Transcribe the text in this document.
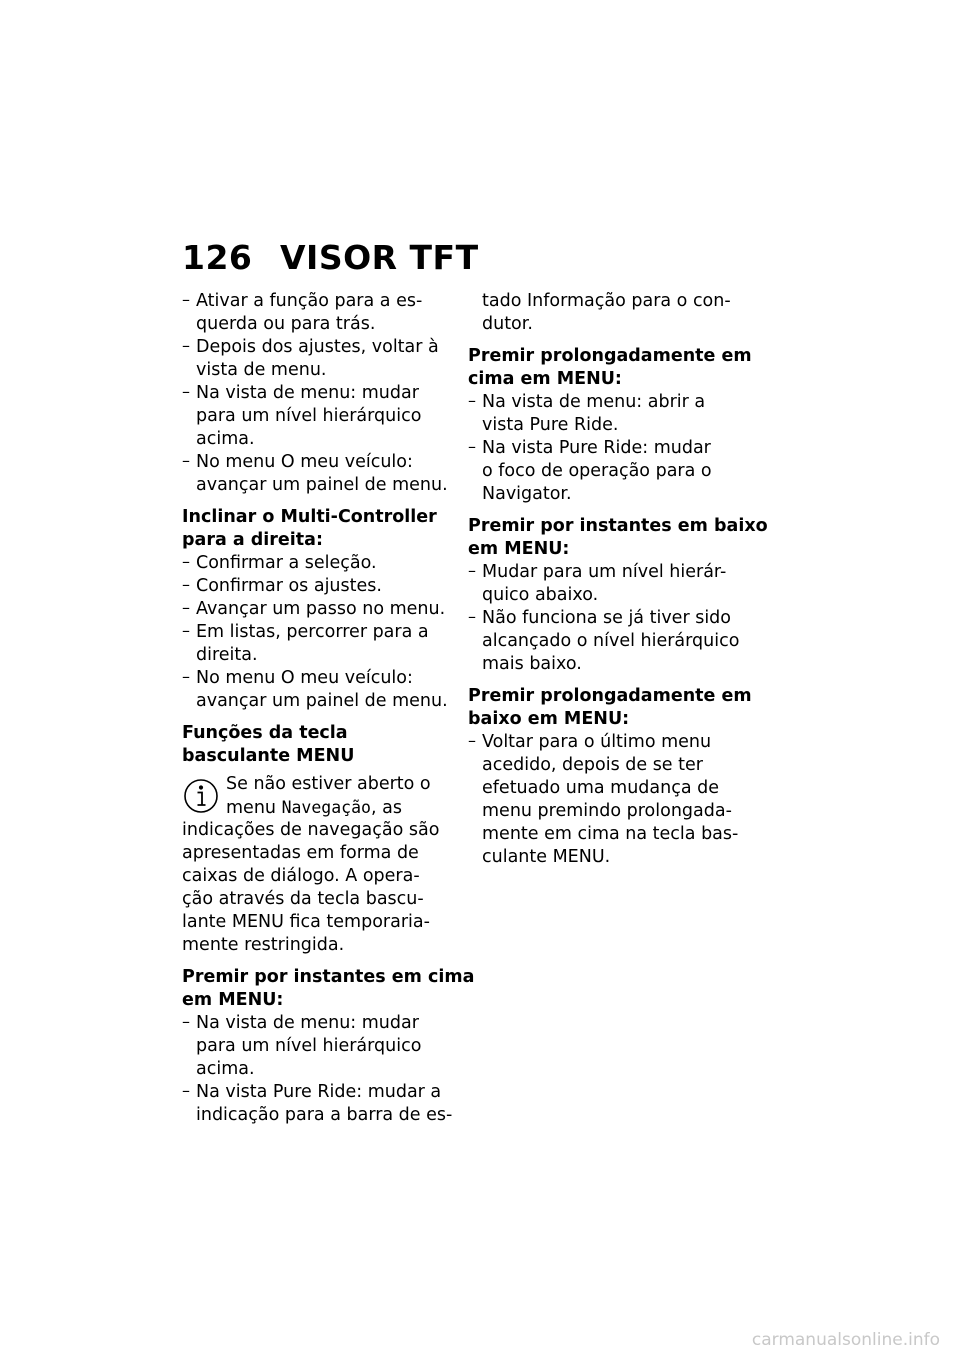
126 VISOR TFT
– Ativar a função para a es-
querda ou para trás.
– Depois dos ajustes, voltar à
vista de menu.
– Na vista de menu: mudar
para um nível hierárquico
acima.
– No menu O meu veículo:
avançar um painel de menu.
Inclinar o Multi-Controller
para a direita:
– Confirmar a seleção.
– Confirmar os ajustes.
– Avançar um passo no menu.
– Em listas, percorrer para a
direita.
– No menu O meu veículo:
avançar um painel de menu.
Funções da tecla
basculante MENU
Se não estiver aberto o
menu Navegação, as
indicações de navegação são
apresentadas em forma de
caixas de diálogo. A opera-
ção através da tecla bascu-
lante MENU fica temporaria-
mente restringida.
Premir por instantes em cima
em MENU:
– Na vista de menu: mudar
para um nível hierárquico
acima.
– Na vista Pure Ride: mudar a
indicação para a barra de es-
tado Informação para o con-
dutor.
Premir prolongadamente em
cima em MENU:
– Na vista de menu: abrir a
vista Pure Ride.
– Na vista Pure Ride: mudar
o foco de operação para o
Navigator.
Premir por instantes em baixo
em MENU:
– Mudar para um nível hierár-
quico abaixo.
– Não funciona se já tiver sido
alcançado o nível hierárquico
mais baixo.
Premir prolongadamente em
baixo em MENU:
– Voltar para o último menu
acedido, depois de se ter
efetuado uma mudança de
menu premindo prolongada-
mente em cima na tecla bas-
culante MENU.
carmanualsonline.info
